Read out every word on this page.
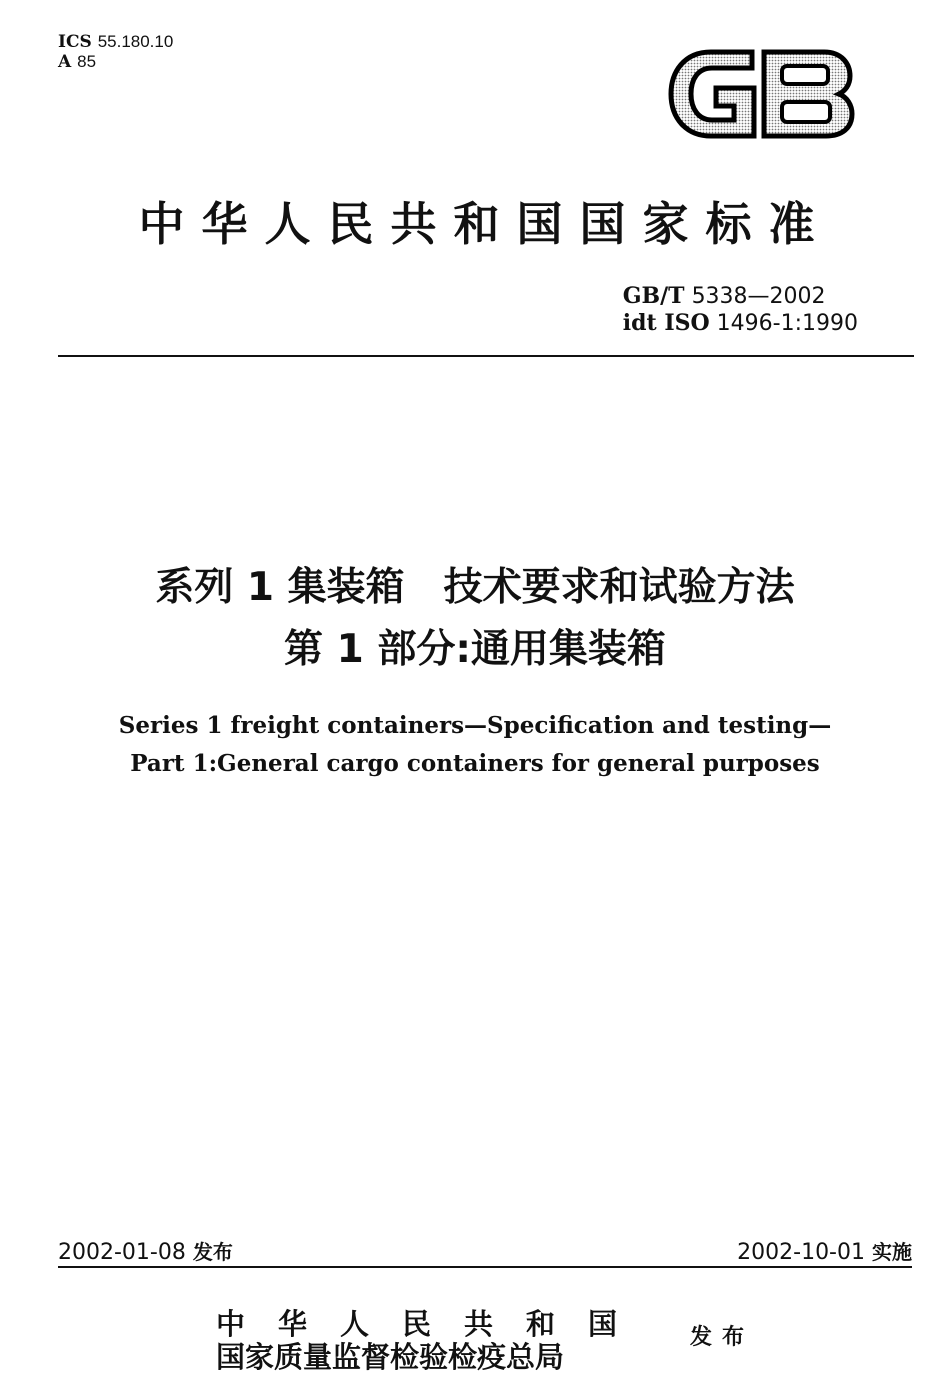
ICS 55.180.10
A 85
GB
中华人民共和国国家标准
GB/T 5338—2002
idt ISO 1496-1:1990
系列 1 集装箱　技术要求和试验方法
第 1 部分:通用集装箱
Series 1 freight containers—Specification and testing—
Part 1:General cargo containers for general purposes
2002-01-08 发布	2002-10-01 实施
中华人民共和国
国家质量监督检验检疫总局
发布
